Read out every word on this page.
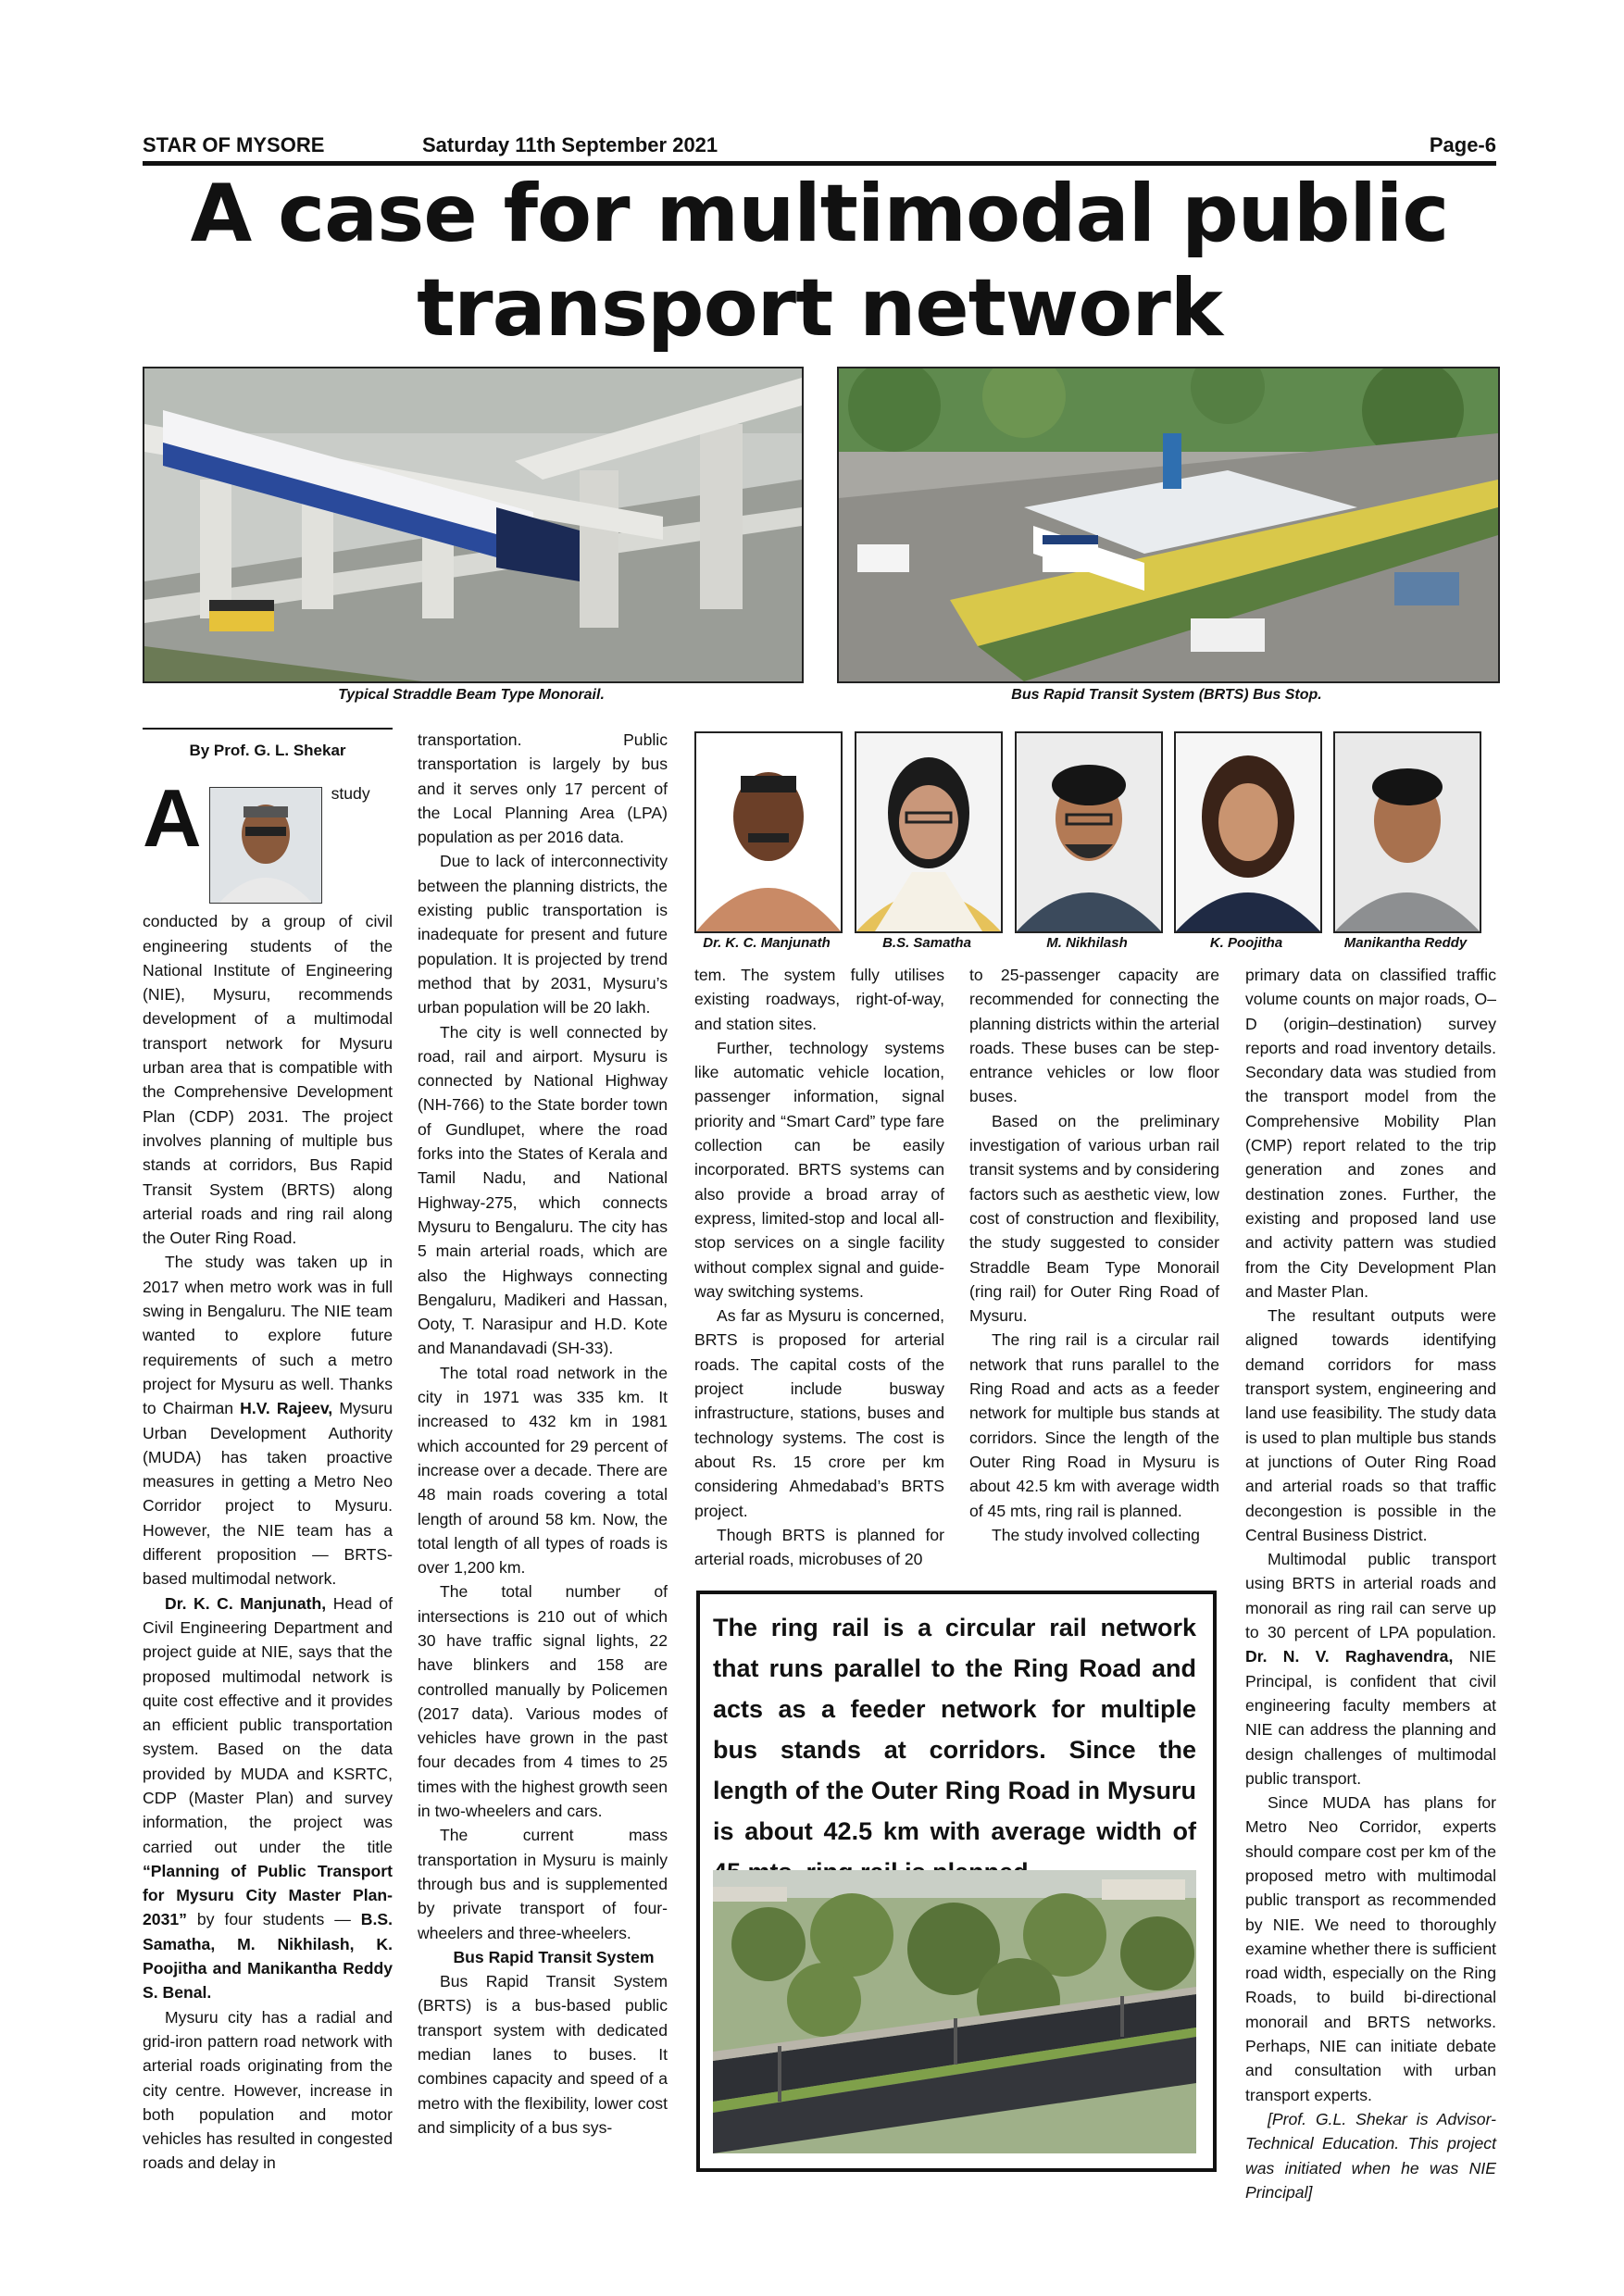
STAR OF MYSORE	Saturday 11th September 2021	Page-6
A case for multimodal public transport network
Typical Straddle Beam Type Monorail.	Bus Rapid Transit System (BRTS) Bus Stop.
By Prof. G. L. Shekar

A	study conducted by a group of civil engineering students of the National Institute of Engineering (NIE), Mysuru, recommends development of a multimodal transport network for Mysuru urban area that is compatible with the Comprehensive Development Plan (CDP) 2031. The project involves planning of multiple bus stands at corridors, Bus Rapid Transit System (BRTS) along arterial roads and ring rail along the Outer Ring Road.

The study was taken up in 2017 when metro work was in full swing in Bengaluru. The NIE team wanted to explore future requirements of such a metro project for Mysuru as well. Thanks to Chairman H.V. Rajeev, Mysuru Urban Development Authority (MUDA) has taken proactive measures in getting a Metro Neo Corridor project to Mysuru. However, the NIE team has a different proposition — BRTS-based multimodal network.

Dr. K. C. Manjunath, Head of Civil Engineering Department and project guide at NIE, says that the proposed multimodal network is quite cost effective and it provides an efficient public transportation system. Based on the data provided by MUDA and KSRTC, CDP (Master Plan) and survey information, the project was carried out under the title “Planning of Public Transport for Mysuru City Master Plan-2031” by four students — B.S. Samatha, M. Nikhilash, K. Poojitha and Manikantha Reddy S. Benal.

Mysuru city has a radial and grid-iron pattern road network with arterial roads originating from the city centre. However, increase in both population and motor vehicles has resulted in congested roads and delay in

transportation. Public transportation is largely by bus and it serves only 17 percent of the Local Planning Area (LPA) population as per 2016 data.

Due to lack of interconnectivity between the planning districts, the existing public transportation is inadequate for present and future population. It is projected by trend method that by 2031, Mysuru’s urban population will be 20 lakh.

The city is well connected by road, rail and airport. Mysuru is connected by National Highway (NH-766) to the State border town of Gundlupet, where the road forks into the States of Kerala and Tamil Nadu, and National Highway-275, which connects Mysuru to Bengaluru. The city has 5 main arterial roads, which are also the Highways connecting Bengaluru, Madikeri and Hassan, Ooty, T. Narasipur and H.D. Kote and Manandavadi (SH-33).

The total road network in the city in 1971 was 335 km. It increased to 432 km in 1981 which accounted for 29 percent of increase over a decade. There are 48 main roads covering a total length of around 58 km. Now, the total length of all types of roads is over 1,200 km.

The total number of intersections is 210 out of which 30 have traffic signal lights, 22 have blinkers and 158 are controlled manually by Policemen (2017 data). Various modes of vehicles have grown in the past four decades from 4 times to 25 times with the highest growth seen in two-wheelers and cars.

The current mass transportation in Mysuru is mainly through bus and is supplemented by private transport of four-wheelers and three-wheelers.

Bus Rapid Transit System

Bus Rapid Transit System (BRTS) is a bus-based public transport system with dedicated median lanes to buses. It combines capacity and speed of a metro with the flexibility, lower cost and simplicity of a bus sys-

Dr. K. C. Manjunath	B.S. Samatha	M. Nikhilash	K. Poojitha	Manikantha Reddy

tem. The system fully utilises existing roadways, right-of-way, and station sites.

Further, technology systems like automatic vehicle location, passenger information, signal priority and “Smart Card” type fare collection can be easily incorporated. BRTS systems can also provide a broad array of express, limited-stop and local all-stop services on a single facility without complex signal and guide-way switching systems.

As far as Mysuru is concerned, BRTS is proposed for arterial roads. The capital costs of the project include busway infrastructure, stations, buses and technology systems. The cost is about Rs. 15 crore per km considering Ahmedabad’s BRTS project.

Though BRTS is planned for arterial roads, microbuses of 20

to 25-passenger capacity are recommended for connecting the planning districts within the arterial roads. These buses can be step-entrance vehicles or low floor buses.

Based on the preliminary investigation of various urban rail transit systems and by considering factors such as aesthetic view, low cost of construction and flexibility, the study suggested to consider Straddle Beam Type Monorail (ring rail) for Outer Ring Road of Mysuru.

The ring rail is a circular rail network that runs parallel to the Ring Road and acts as a feeder network for multiple bus stands at corridors. Since the length of the Outer Ring Road in Mysuru is about 42.5 km with average width of 45 mts, ring rail is planned.

The study involved collecting

The ring rail is a circular rail network that runs parallel to the Ring Road and acts as a feeder network for multiple bus stands at corridors. Since the length of the Outer Ring Road in Mysuru is about 42.5 km with average width of

primary data on classified traffic volume counts on major roads, O–D (origin–destination) survey reports and road inventory details. Secondary data was studied from the transport model from the Comprehensive Mobility Plan (CMP) report related to the trip generation and zones and destination zones. Further, the existing and proposed land use and activity pattern was studied from the City Development Plan and Master Plan.

The resultant outputs were aligned towards identifying demand corridors for mass transport system, engineering and land use feasibility. The study data is used to plan multiple bus stands at junctions of Outer Ring Road and arterial roads so that traffic decongestion is possible in the Central Business District.

Multimodal public transport using BRTS in arterial roads and monorail as ring rail can serve up to 30 percent of LPA population. Dr. N. V. Raghavendra, NIE Principal, is confident that civil engineering faculty members at NIE can address the planning and design challenges of multimodal public transport.

Since MUDA has plans for Metro Neo Corridor, experts should compare cost per km of the proposed metro with multimodal public transport as recommended by NIE. We need to thoroughly examine whether there is sufficient road width, especially on the Ring Roads, to build bi-directional monorail and BRTS networks. Perhaps, NIE can initiate debate and consultation with urban transport experts.

[Prof. G.L. Shekar is Advisor-Technical Education. This project was initiated when he was NIE Principal]
